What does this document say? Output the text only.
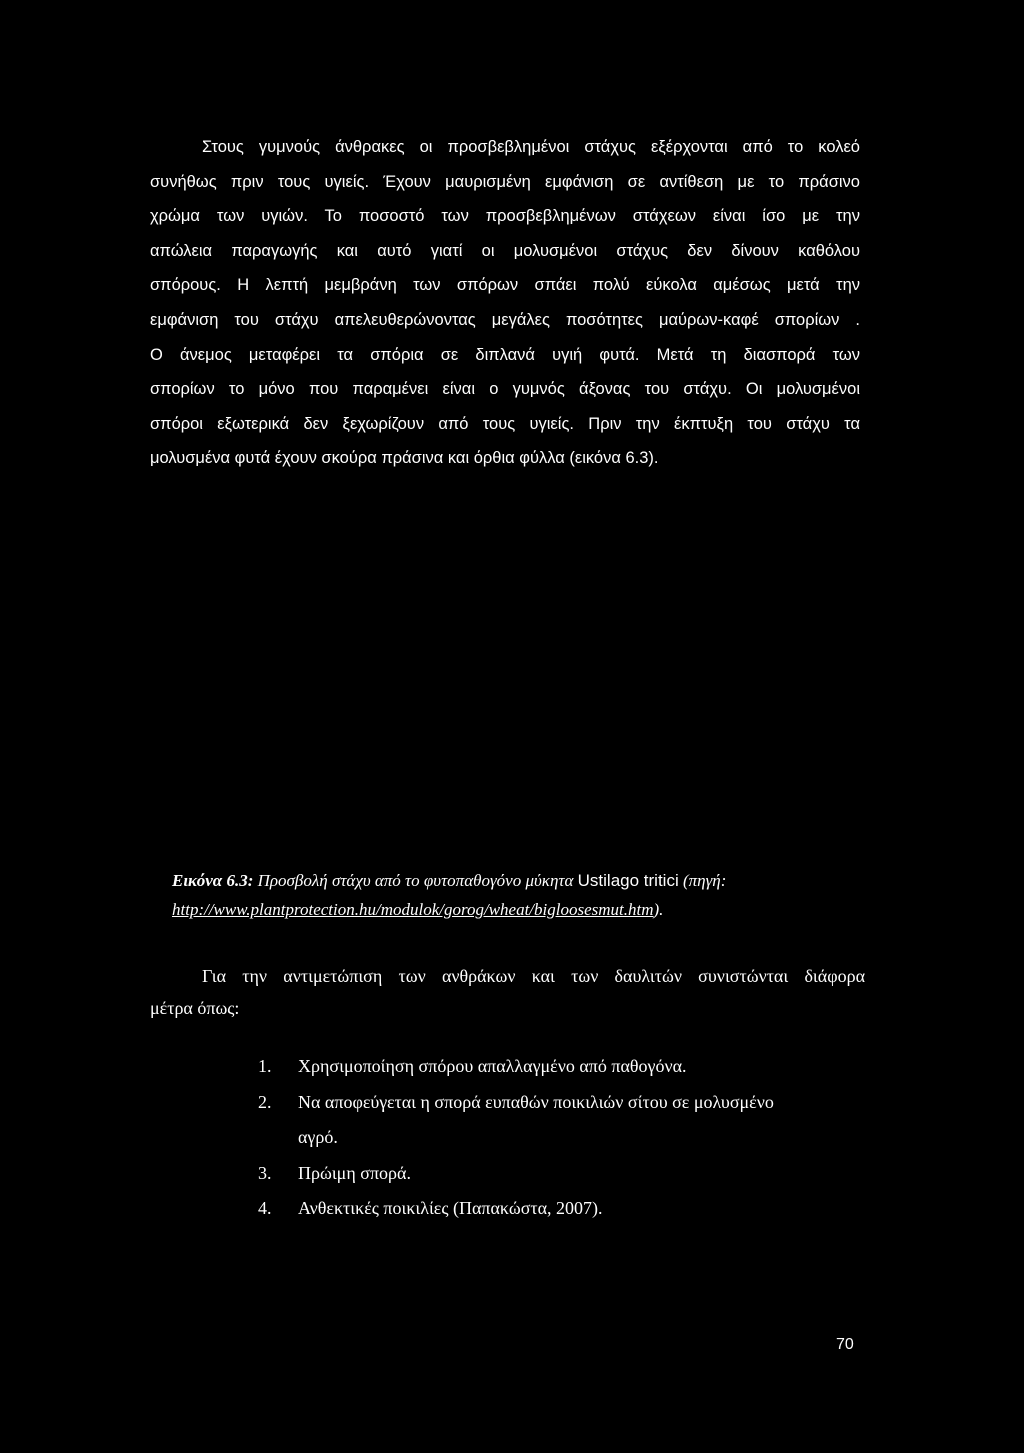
Στους γυμνούς άνθρακες οι προσβεβλημένοι στάχυς εξέρχονται από το κολεό
συνήθως πριν τους υγιείς. Έχουν μαυρισμένη εμφάνιση σε αντίθεση με το πράσινο
χρώμα των υγιών. Το ποσοστό των προσβεβλημένων στάχεων είναι ίσο με την
απώλεια παραγωγής και αυτό γιατί οι μολυσμένοι στάχυς δεν δίνουν καθόλου
σπόρους. Η λεπτή μεμβράνη των σπόρων σπάει πολύ εύκολα αμέσως μετά την
εμφάνιση του στάχυ απελευθερώνοντας μεγάλες ποσότητες μαύρων-καφέ σπορίων .
Ο άνεμος μεταφέρει τα σπόρια σε διπλανά υγιή φυτά. Μετά τη διασπορά των
σπορίων το μόνο που παραμένει είναι ο γυμνός άξονας του στάχυ. Οι μολυσμένοι
σπόροι εξωτερικά δεν ξεχωρίζουν από τους υγιείς. Πριν την έκπτυξη του στάχυ τα
μολυσμένα φυτά έχουν σκούρα πράσινα και όρθια φύλλα (εικόνα 6.3).
Εικόνα 6.3: Προσβολή στάχυ από το φυτοπαθογόνο μύκητα Ustilago tritici (πηγή:
http://www.plantprotection.hu/modulok/gorog/wheat/bigloosesmut.htm).
Για την αντιμετώπιση των ανθράκων και των δαυλιτών συνιστώνται διάφορα
μέτρα όπως:
1. Χρησιμοποίηση σπόρου απαλλαγμένο από παθογόνα.
2. Να αποφεύγεται η σπορά ευπαθών ποικιλιών σίτου σε μολυσμένο
αγρό.
3. Πρώιμη σπορά.
4. Ανθεκτικές ποικιλίες (Παπακώστα, 2007).
70
